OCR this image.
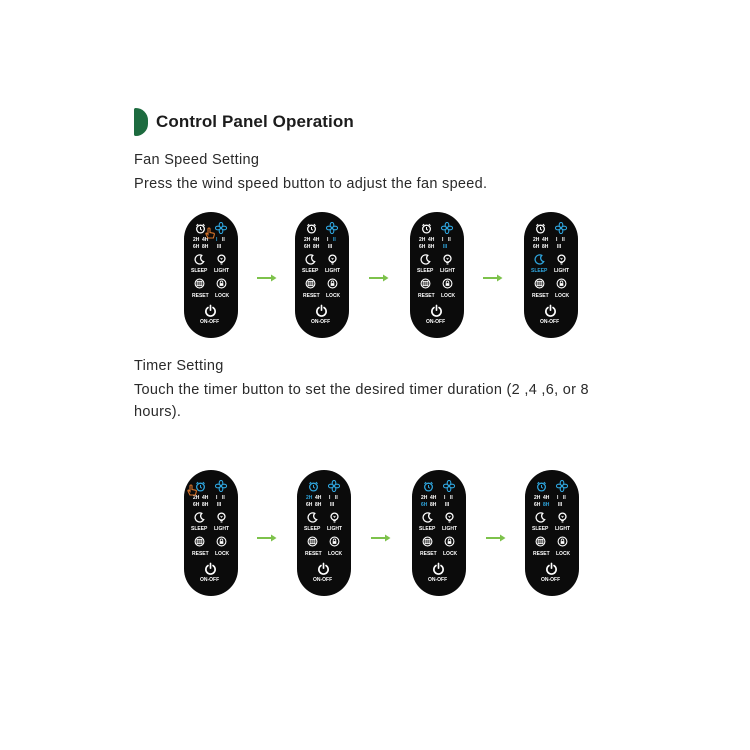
Control Panel Operation
Fan Speed Setting
Press the wind speed button to adjust the fan speed.
2H 4H
6H 8H
I II
III
SLEEP LIGHT
RESET LOCK
ON-OFF
2H 4H
6H 8H
I II
III
SLEEP LIGHT
RESET LOCK
ON-OFF
2H 4H
6H 8H
I II
III
SLEEP LIGHT
RESET LOCK
ON-OFF
2H 4H
6H 8H
I II
III
SLEEP LIGHT
RESET LOCK
ON-OFF
Timer Setting
Touch the timer button to set the desired timer duration (2 ,4 ,6, or 8
hours).
2H 4H
6H 8H
I II
III
SLEEP LIGHT
RESET LOCK
ON-OFF
2H 4H
6H 8H
I II
III
SLEEP LIGHT
RESET LOCK
ON-OFF
2H 4H
6H 8H
I II
III
SLEEP LIGHT
RESET LOCK
ON-OFF
2H 4H
6H 8H
I II
III
SLEEP LIGHT
RESET LOCK
ON-OFF
